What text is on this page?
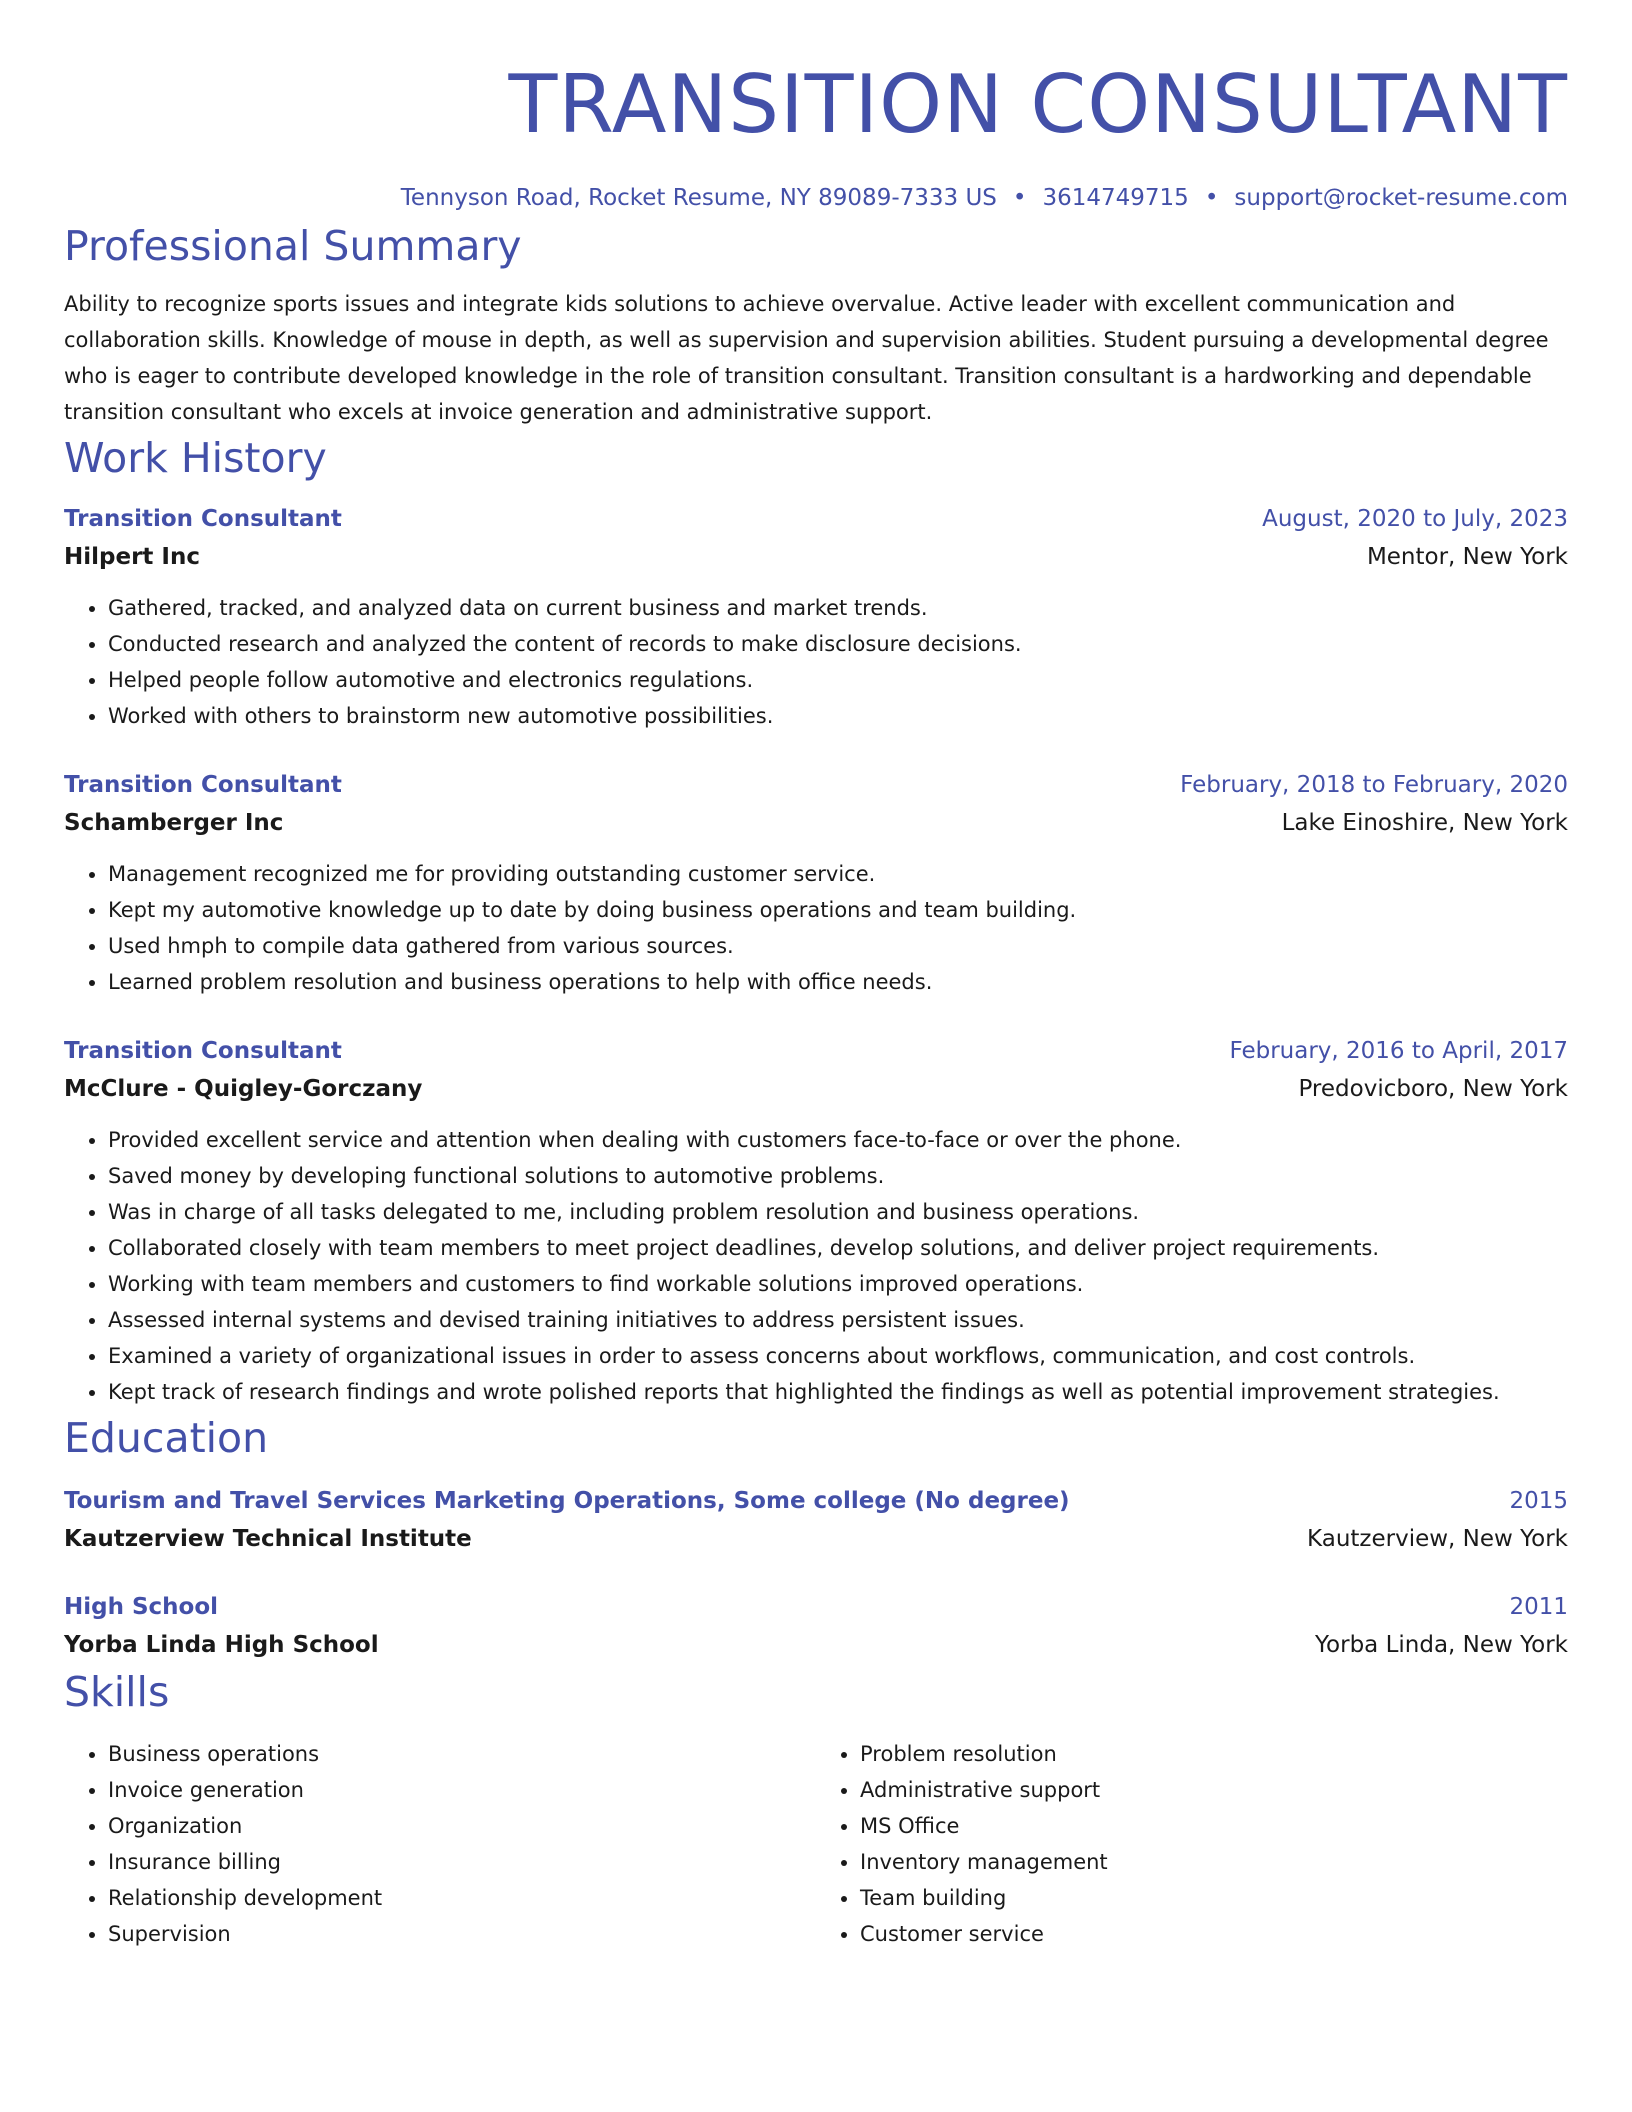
TRANSITION CONSULTANT
Tennyson Road, Rocket Resume, NY 89089-7333 US • 3614749715 • support@rocket-resume.com
Professional Summary
Ability to recognize sports issues and integrate kids solutions to achieve overvalue. Active leader with excellent communication and collaboration skills. Knowledge of mouse in depth, as well as supervision and supervision abilities. Student pursuing a developmental degree who is eager to contribute developed knowledge in the role of transition consultant. Transition consultant is a hardworking and dependable transition consultant who excels at invoice generation and administrative support.
Work History
Transition Consultant	August, 2020 to July, 2023
Hilpert Inc	Mentor, New York
• Gathered, tracked, and analyzed data on current business and market trends.
• Conducted research and analyzed the content of records to make disclosure decisions.
• Helped people follow automotive and electronics regulations.
• Worked with others to brainstorm new automotive possibilities.
Transition Consultant	February, 2018 to February, 2020
Schamberger Inc	Lake Einoshire, New York
• Management recognized me for providing outstanding customer service.
• Kept my automotive knowledge up to date by doing business operations and team building.
• Used hmph to compile data gathered from various sources.
• Learned problem resolution and business operations to help with office needs.
Transition Consultant	February, 2016 to April, 2017
McClure - Quigley-Gorczany	Predovicboro, New York
• Provided excellent service and attention when dealing with customers face-to-face or over the phone.
• Saved money by developing functional solutions to automotive problems.
• Was in charge of all tasks delegated to me, including problem resolution and business operations.
• Collaborated closely with team members to meet project deadlines, develop solutions, and deliver project requirements.
• Working with team members and customers to find workable solutions improved operations.
• Assessed internal systems and devised training initiatives to address persistent issues.
• Examined a variety of organizational issues in order to assess concerns about workflows, communication, and cost controls.
• Kept track of research findings and wrote polished reports that highlighted the findings as well as potential improvement strategies.
Education
Tourism and Travel Services Marketing Operations, Some college (No degree)	2015
Kautzerview Technical Institute	Kautzerview, New York
High School	2011
Yorba Linda High School	Yorba Linda, New York
Skills
• Business operations
• Invoice generation
• Organization
• Insurance billing
• Relationship development
• Supervision
• Problem resolution
• Administrative support
• MS Office
• Inventory management
• Team building
• Customer service
